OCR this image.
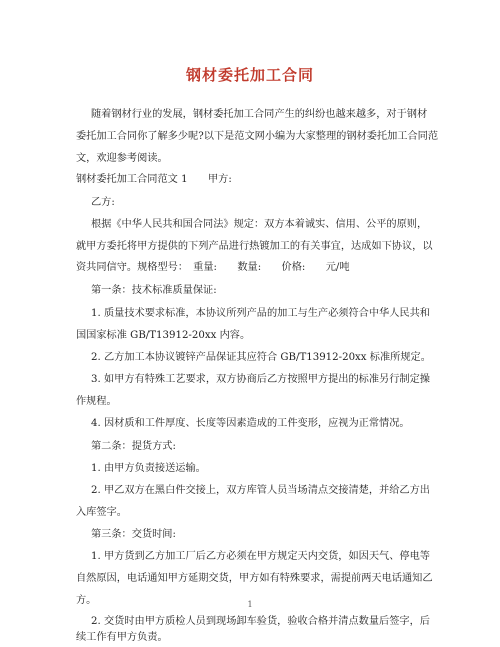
钢材委托加工合同
随着钢材行业的发展，钢材委托加工合同产生的纠纷也越来越多，对于钢材
委托加工合同你了解多少呢?以下是范文网小编为大家整理的钢材委托加工合同范
文，欢迎参考阅读。
钢材委托加工合同范文 1　　甲方:
乙方:
根据《中华人民共和国合同法》规定：双方本着诚实、信用、公平的原则，
就甲方委托将甲方提供的下列产品进行热镀加工的有关事宜，达成如下协议，以
资共同信守。规格型号：　重量:　　数量:　　价格:　　元/吨
第一条：技术标准质量保证:
1. 质量技术要求标准，本协议所列产品的加工与生产必须符合中华人民共和
国国家标准 GB/T13912-20xx 内容。
2. 乙方加工本协议镀锌产品保证其应符合 GB/T13912-20xx 标准所规定。
3. 如甲方有特殊工艺要求，双方协商后乙方按照甲方提出的标准另行制定操
作规程。
4. 因材质和工件厚度、长度等因素造成的工件变形，应视为正常情况。
第二条：提货方式:
1. 由甲方负责接送运输。
2. 甲乙双方在黑白件交接上，双方库管人员当场清点交接清楚，并给乙方出
入库签字。
第三条：交货时间:
1. 甲方货到乙方加工厂后乙方必须在甲方规定天内交货，如因天气、停电等
自然原因，电话通知甲方延期交货，甲方如有特殊要求，需提前两天电话通知乙
方。
2. 交货时由甲方质检人员到现场卸车验货，验收合格并清点数量后签字，后
续工作有甲方负责。
1
